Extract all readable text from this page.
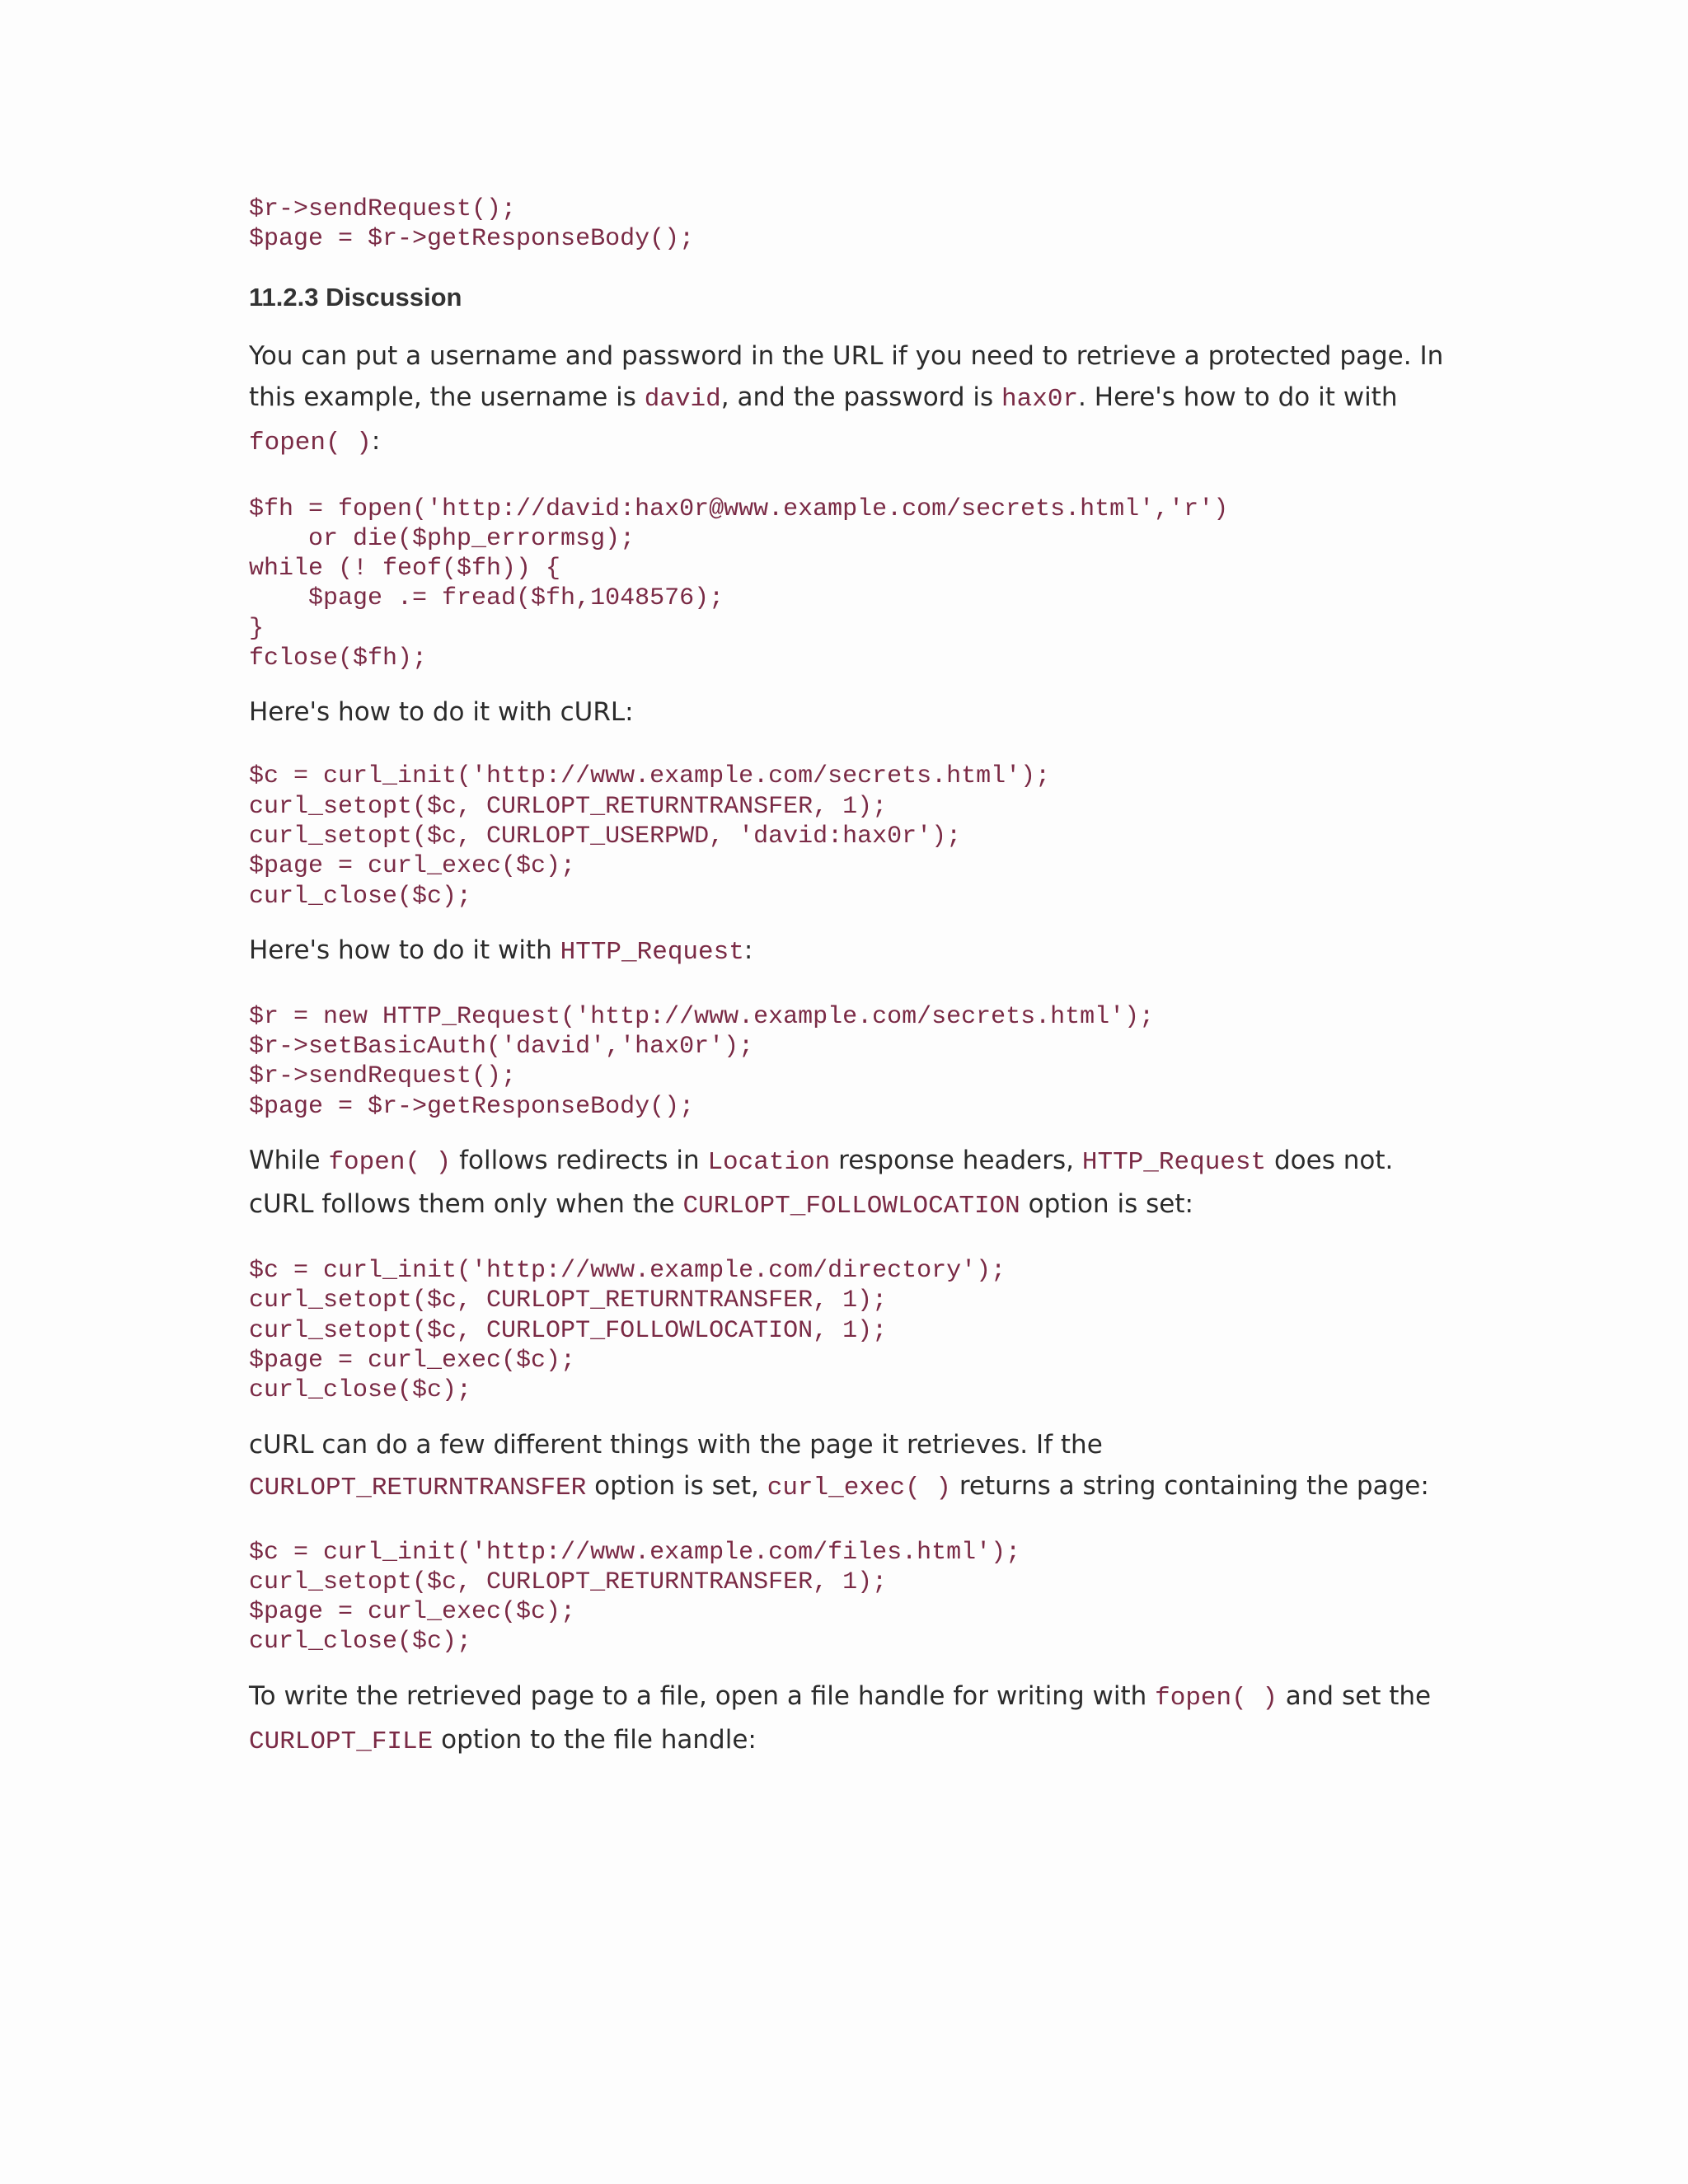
$r->sendRequest();
$page = $r->getResponseBody();
11.2.3 Discussion

You can put a username and password in the URL if you need to retrieve a protected page. In this example, the username is david, and the password is hax0r. Here's how to do it with
fopen( ):

$fh = fopen('http://david:hax0r@www.example.com/secrets.html','r')
or die($php_errormsg);
while (! feof($fh)) {
$page .= fread($fh,1048576);
}
fclose($fh);

Here's how to do it with cURL:

$c = curl_init('http://www.example.com/secrets.html');
curl_setopt($c, CURLOPT_RETURNTRANSFER, 1);
curl_setopt($c, CURLOPT_USERPWD, 'david:hax0r');
$page = curl_exec($c);
curl_close($c);

Here's how to do it with HTTP_Request:

$r = new HTTP_Request('http://www.example.com/secrets.html');
$r->setBasicAuth('david','hax0r');
$r->sendRequest();
$page = $r->getResponseBody();

While fopen( ) follows redirects in Location response headers, HTTP_Request does not. cURL follows them only when the CURLOPT_FOLLOWLOCATION option is set:

$c = curl_init('http://www.example.com/directory');
curl_setopt($c, CURLOPT_RETURNTRANSFER, 1);
curl_setopt($c, CURLOPT_FOLLOWLOCATION, 1);
$page = curl_exec($c);
curl_close($c);

cURL can do a few different things with the page it retrieves. If the
CURLOPT_RETURNTRANSFER option is set, curl_exec( ) returns a string containing the page:

$c = curl_init('http://www.example.com/files.html');
curl_setopt($c, CURLOPT_RETURNTRANSFER, 1);
$page = curl_exec($c);
curl_close($c);

To write the retrieved page to a file, open a file handle for writing with fopen( ) and set the
CURLOPT_FILE option to the file handle:
